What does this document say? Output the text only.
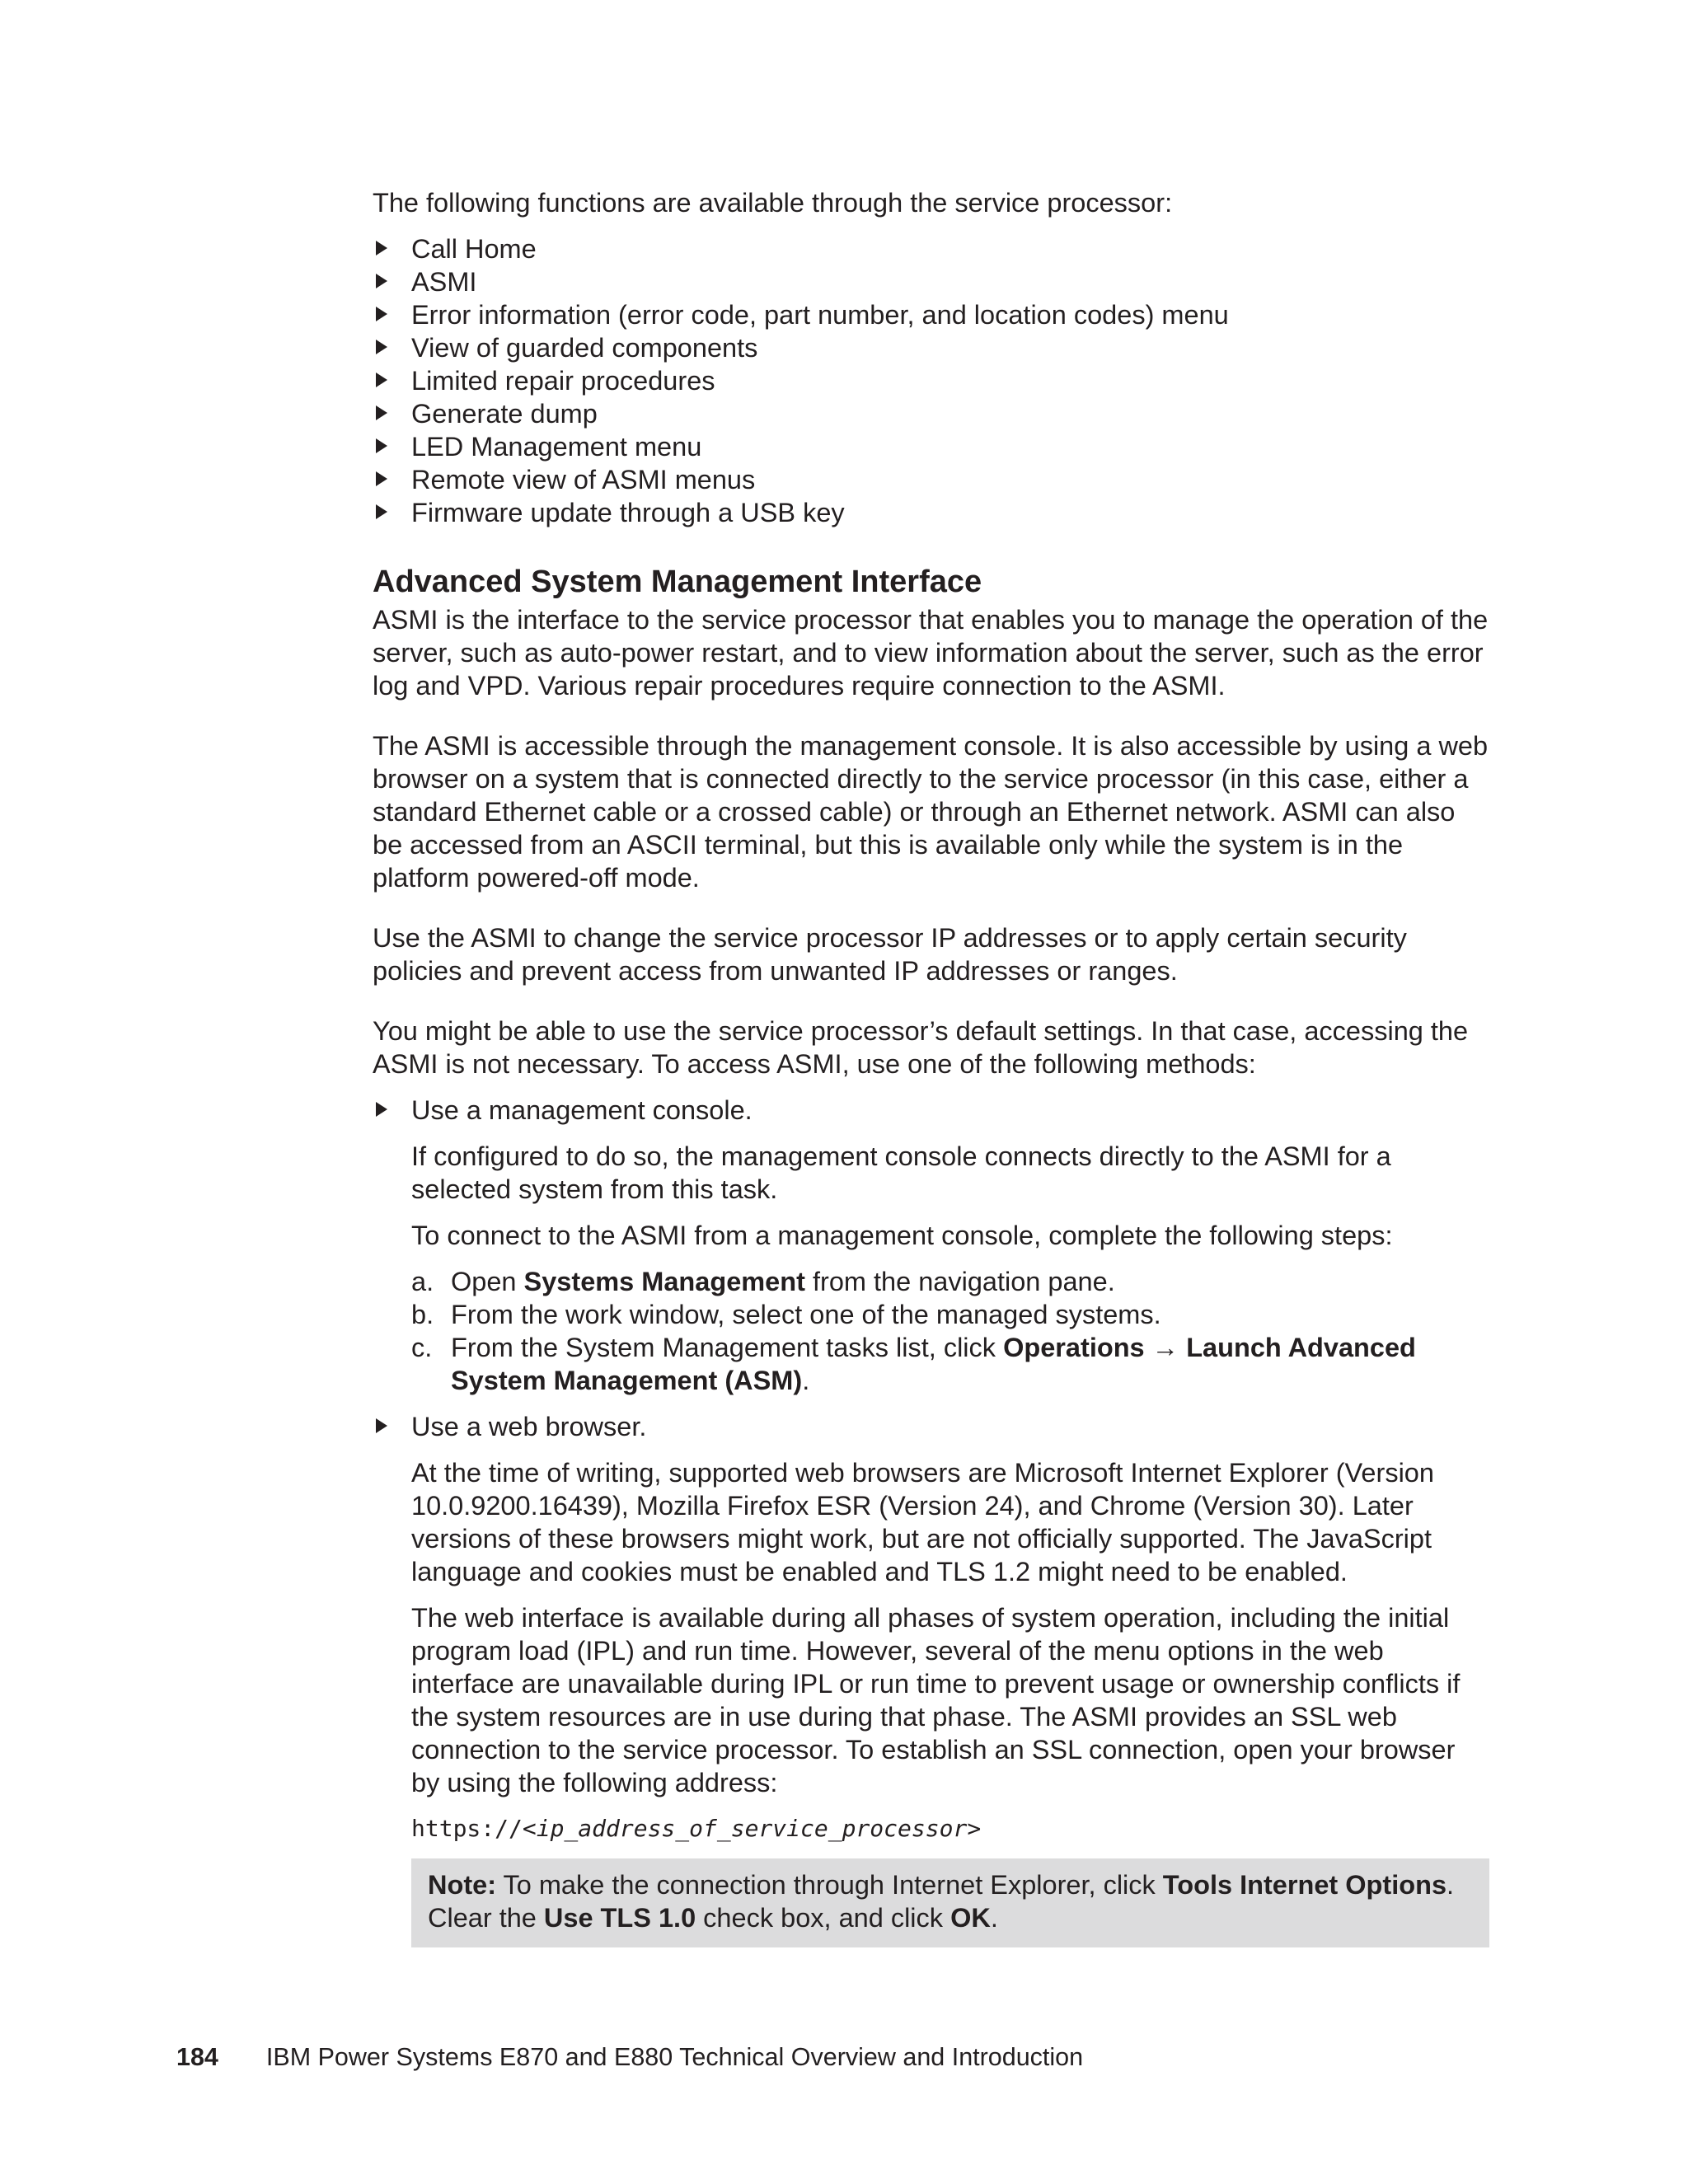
The following functions are available through the service processor:

Call Home
ASMI
Error information (error code, part number, and location codes) menu
View of guarded components
Limited repair procedures
Generate dump
LED Management menu
Remote view of ASMI menus
Firmware update through a USB key
Advanced System Management Interface

ASMI is the interface to the service processor that enables you to manage the operation of the server, such as auto-power restart, and to view information about the server, such as the error log and VPD. Various repair procedures require connection to the ASMI.

The ASMI is accessible through the management console. It is also accessible by using a web browser on a system that is connected directly to the service processor (in this case, either a standard Ethernet cable or a crossed cable) or through an Ethernet network. ASMI can also be accessed from an ASCII terminal, but this is available only while the system is in the platform powered-off mode.

Use the ASMI to change the service processor IP addresses or to apply certain security policies and prevent access from unwanted IP addresses or ranges.

You might be able to use the service processor’s default settings. In that case, accessing the ASMI is not necessary. To access ASMI, use one of the following methods:

Use a management console.

If configured to do so, the management console connects directly to the ASMI for a selected system from this task.

To connect to the ASMI from a management console, complete the following steps:

a. Open Systems Management from the navigation pane.
b. From the work window, select one of the managed systems.
c. From the System Management tasks list, click Operations → Launch Advanced System Management (ASM).

Use a web browser.

At the time of writing, supported web browsers are Microsoft Internet Explorer (Version 10.0.9200.16439), Mozilla Firefox ESR (Version 24), and Chrome (Version 30). Later versions of these browsers might work, but are not officially supported. The JavaScript language and cookies must be enabled and TLS 1.2 might need to be enabled.

The web interface is available during all phases of system operation, including the initial program load (IPL) and run time. However, several of the menu options in the web interface are unavailable during IPL or run time to prevent usage or ownership conflicts if the system resources are in use during that phase. The ASMI provides an SSL web connection to the service processor. To establish an SSL connection, open your browser by using the following address:

https://<ip_address_of_service_processor>

Note: To make the connection through Internet Explorer, click Tools Internet Options. Clear the Use TLS 1.0 check box, and click OK.
184 IBM Power Systems E870 and E880 Technical Overview and Introduction
